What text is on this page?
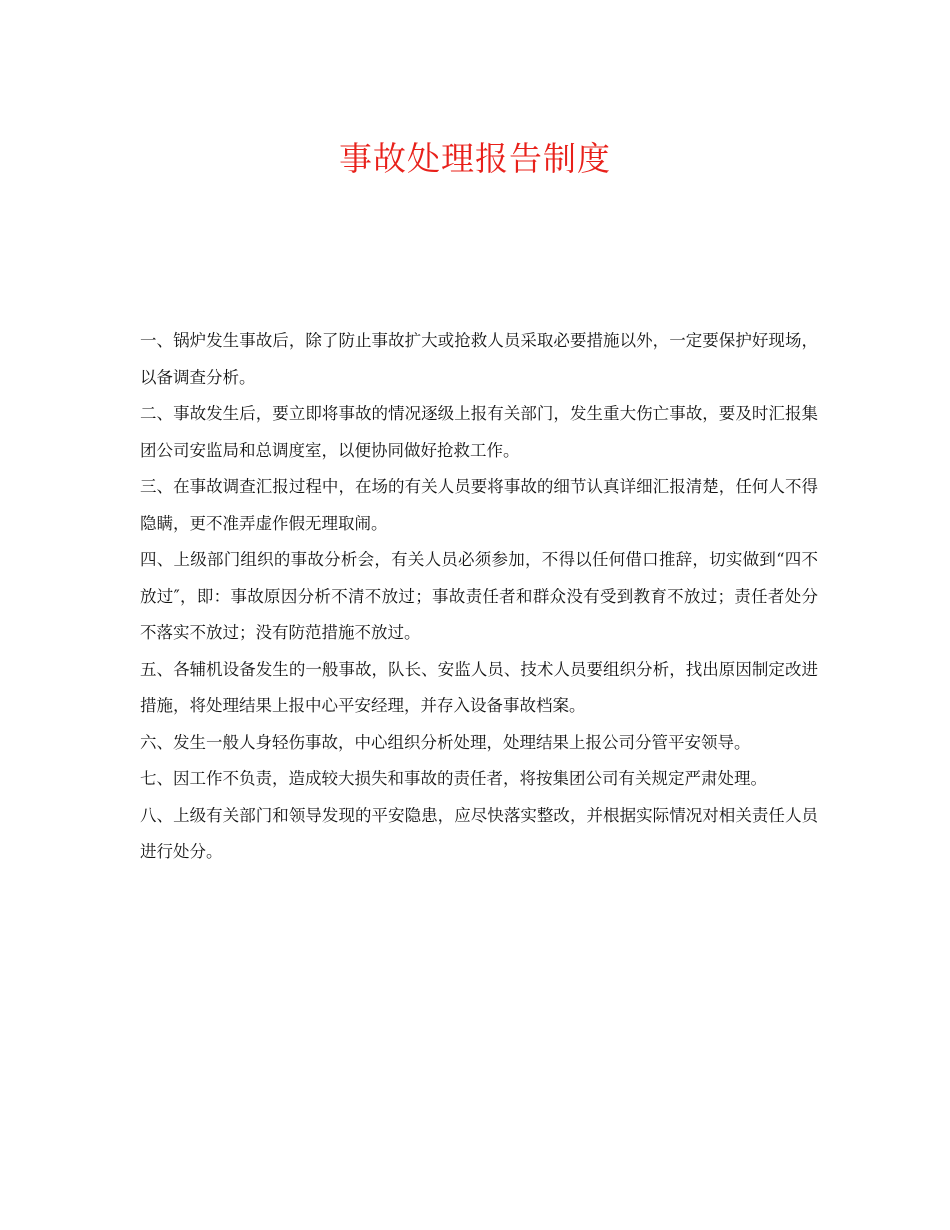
事故处理报告制度

一、锅炉发生事故后，除了防止事故扩大或抢救人员采取必要措施以外，一定要保护好现场，以备调查分析。

二、事故发生后，要立即将事故的情况逐级上报有关部门，发生重大伤亡事故，要及时汇报集团公司安监局和总调度室，以便协同做好抢救工作。

三、在事故调查汇报过程中，在场的有关人员要将事故的细节认真详细汇报清楚，任何人不得隐瞒，更不准弄虚作假无理取闹。

四、上级部门组织的事故分析会，有关人员必须参加，不得以任何借口推辞，切实做到“四不放过″，即：事故原因分析不清不放过；事故责任者和群众没有受到教育不放过；责任者处分不落实不放过；没有防范措施不放过。

五、各辅机设备发生的一般事故，队长、安监人员、技术人员要组织分析，找出原因制定改进措施，将处理结果上报中心平安经理，并存入设备事故档案。

六、发生一般人身轻伤事故，中心组织分析处理，处理结果上报公司分管平安领导。

七、因工作不负责，造成较大损失和事故的责任者，将按集团公司有关规定严肃处理。

八、上级有关部门和领导发现的平安隐患，应尽快落实整改，并根据实际情况对相关责任人员进行处分。
